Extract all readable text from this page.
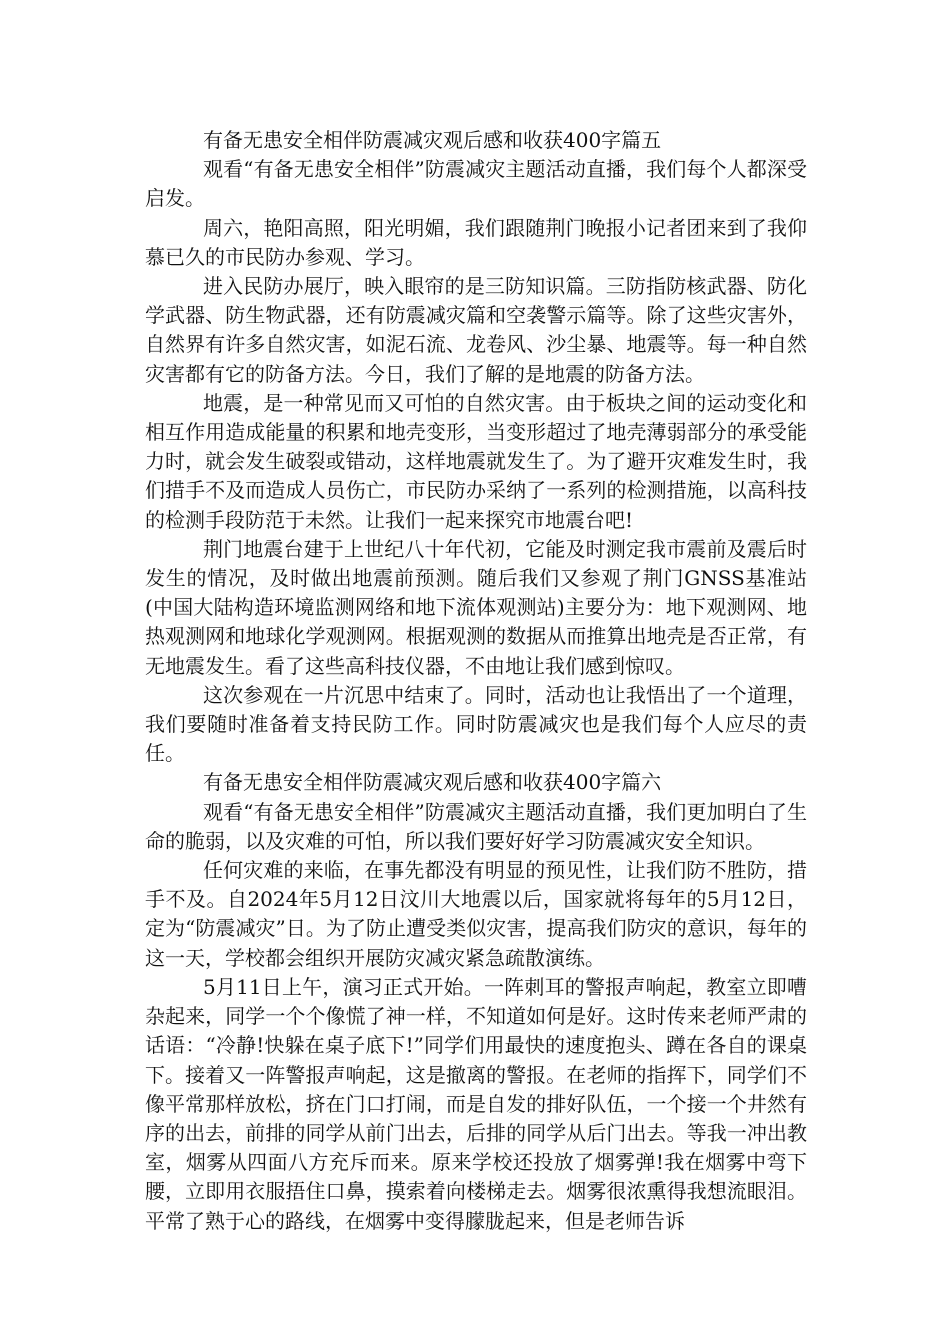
有备无患安全相伴防震减灾观后感和收获400字篇五

观看“有备无患安全相伴”防震减灾主题活动直播，我们每个人都深受启发。

周六，艳阳高照，阳光明媚，我们跟随荆门晚报小记者团来到了我仰慕已久的市民防办参观、学习。

进入民防办展厅，映入眼帘的是三防知识篇。三防指防核武器、防化学武器、防生物武器，还有防震减灾篇和空袭警示篇等。除了这些灾害外，自然界有许多自然灾害，如泥石流、龙卷风、沙尘暴、地震等。每一种自然灾害都有它的防备方法。今日，我们了解的是地震的防备方法。

地震，是一种常见而又可怕的自然灾害。由于板块之间的运动变化和相互作用造成能量的积累和地壳变形，当变形超过了地壳薄弱部分的承受能力时，就会发生破裂或错动，这样地震就发生了。为了避开灾难发生时，我们措手不及而造成人员伤亡，市民防办采纳了一系列的检测措施，以高科技的检测手段防范于未然。让我们一起来探究市地震台吧!

荆门地震台建于上世纪八十年代初，它能及时测定我市震前及震后时发生的情况，及时做出地震前预测。随后我们又参观了荆门GNSS基准站(中国大陆构造环境监测网络和地下流体观测站)主要分为：地下观测网、地热观测网和地球化学观测网。根据观测的数据从而推算出地壳是否正常，有无地震发生。看了这些高科技仪器，不由地让我们感到惊叹。

这次参观在一片沉思中结束了。同时，活动也让我悟出了一个道理，我们要随时准备着支持民防工作。同时防震减灾也是我们每个人应尽的责任。

有备无患安全相伴防震减灾观后感和收获400字篇六

观看“有备无患安全相伴”防震减灾主题活动直播，我们更加明白了生命的脆弱，以及灾难的可怕，所以我们要好好学习防震减灾安全知识。

任何灾难的来临，在事先都没有明显的预见性，让我们防不胜防，措手不及。自2024年5月12日汶川大地震以后，国家就将每年的5月12日，定为“防震减灾”日。为了防止遭受类似灾害，提高我们防灾的意识，每年的这一天，学校都会组织开展防灾减灾紧急疏散演练。

5月11日上午，演习正式开始。一阵刺耳的警报声响起，教室立即嘈杂起来，同学一个个像慌了神一样，不知道如何是好。这时传来老师严肃的话语：“冷静!快躲在桌子底下!”同学们用最快的速度抱头、蹲在各自的课桌下。接着又一阵警报声响起，这是撤离的警报。在老师的指挥下，同学们不像平常那样放松，挤在门口打闹，而是自发的排好队伍，一个接一个井然有序的出去，前排的同学从前门出去，后排的同学从后门出去。等我一冲出教室，烟雾从四面八方充斥而来。原来学校还投放了烟雾弹!我在烟雾中弯下腰，立即用衣服捂住口鼻，摸索着向楼梯走去。烟雾很浓熏得我想流眼泪。平常了熟于心的路线，在烟雾中变得朦胧起来，但是老师告诉
